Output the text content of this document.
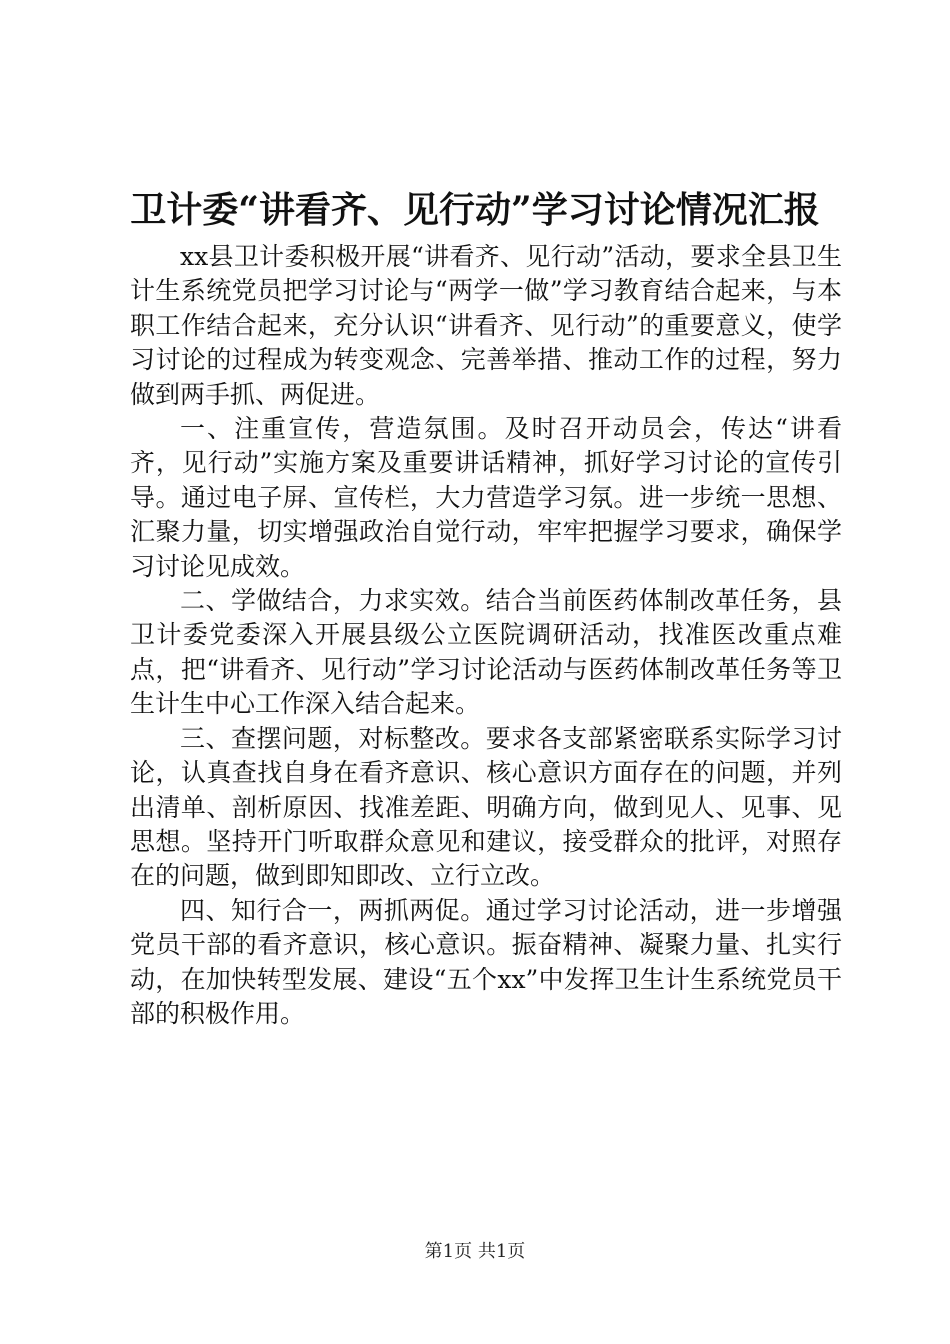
卫计委“讲看齐、见行动”学习讨论情况汇报

xx县卫计委积极开展“讲看齐、见行动”活动，要求全县卫生计生系统党员把学习讨论与“两学一做”学习教育结合起来，与本职工作结合起来，充分认识“讲看齐、见行动”的重要意义，使学习讨论的过程成为转变观念、完善举措、推动工作的过程，努力做到两手抓、两促进。

一、注重宣传，营造氛围。及时召开动员会，传达“讲看齐，见行动”实施方案及重要讲话精神，抓好学习讨论的宣传引导。通过电子屏、宣传栏，大力营造学习氛。进一步统一思想、汇聚力量，切实增强政治自觉行动，牢牢把握学习要求，确保学习讨论见成效。

二、学做结合，力求实效。结合当前医药体制改革任务，县卫计委党委深入开展县级公立医院调研活动，找准医改重点难点，把“讲看齐、见行动”学习讨论活动与医药体制改革任务等卫生计生中心工作深入结合起来。

三、查摆问题，对标整改。要求各支部紧密联系实际学习讨论，认真查找自身在看齐意识、核心意识方面存在的问题，并列出清单、剖析原因、找准差距、明确方向，做到见人、见事、见思想。坚持开门听取群众意见和建议，接受群众的批评，对照存在的问题，做到即知即改、立行立改。

四、知行合一，两抓两促。通过学习讨论活动，进一步增强党员干部的看齐意识，核心意识。振奋精神、凝聚力量、扎实行动，在加快转型发展、建设“五个xx”中发挥卫生计生系统党员干部的积极作用。

第1页 共1页
